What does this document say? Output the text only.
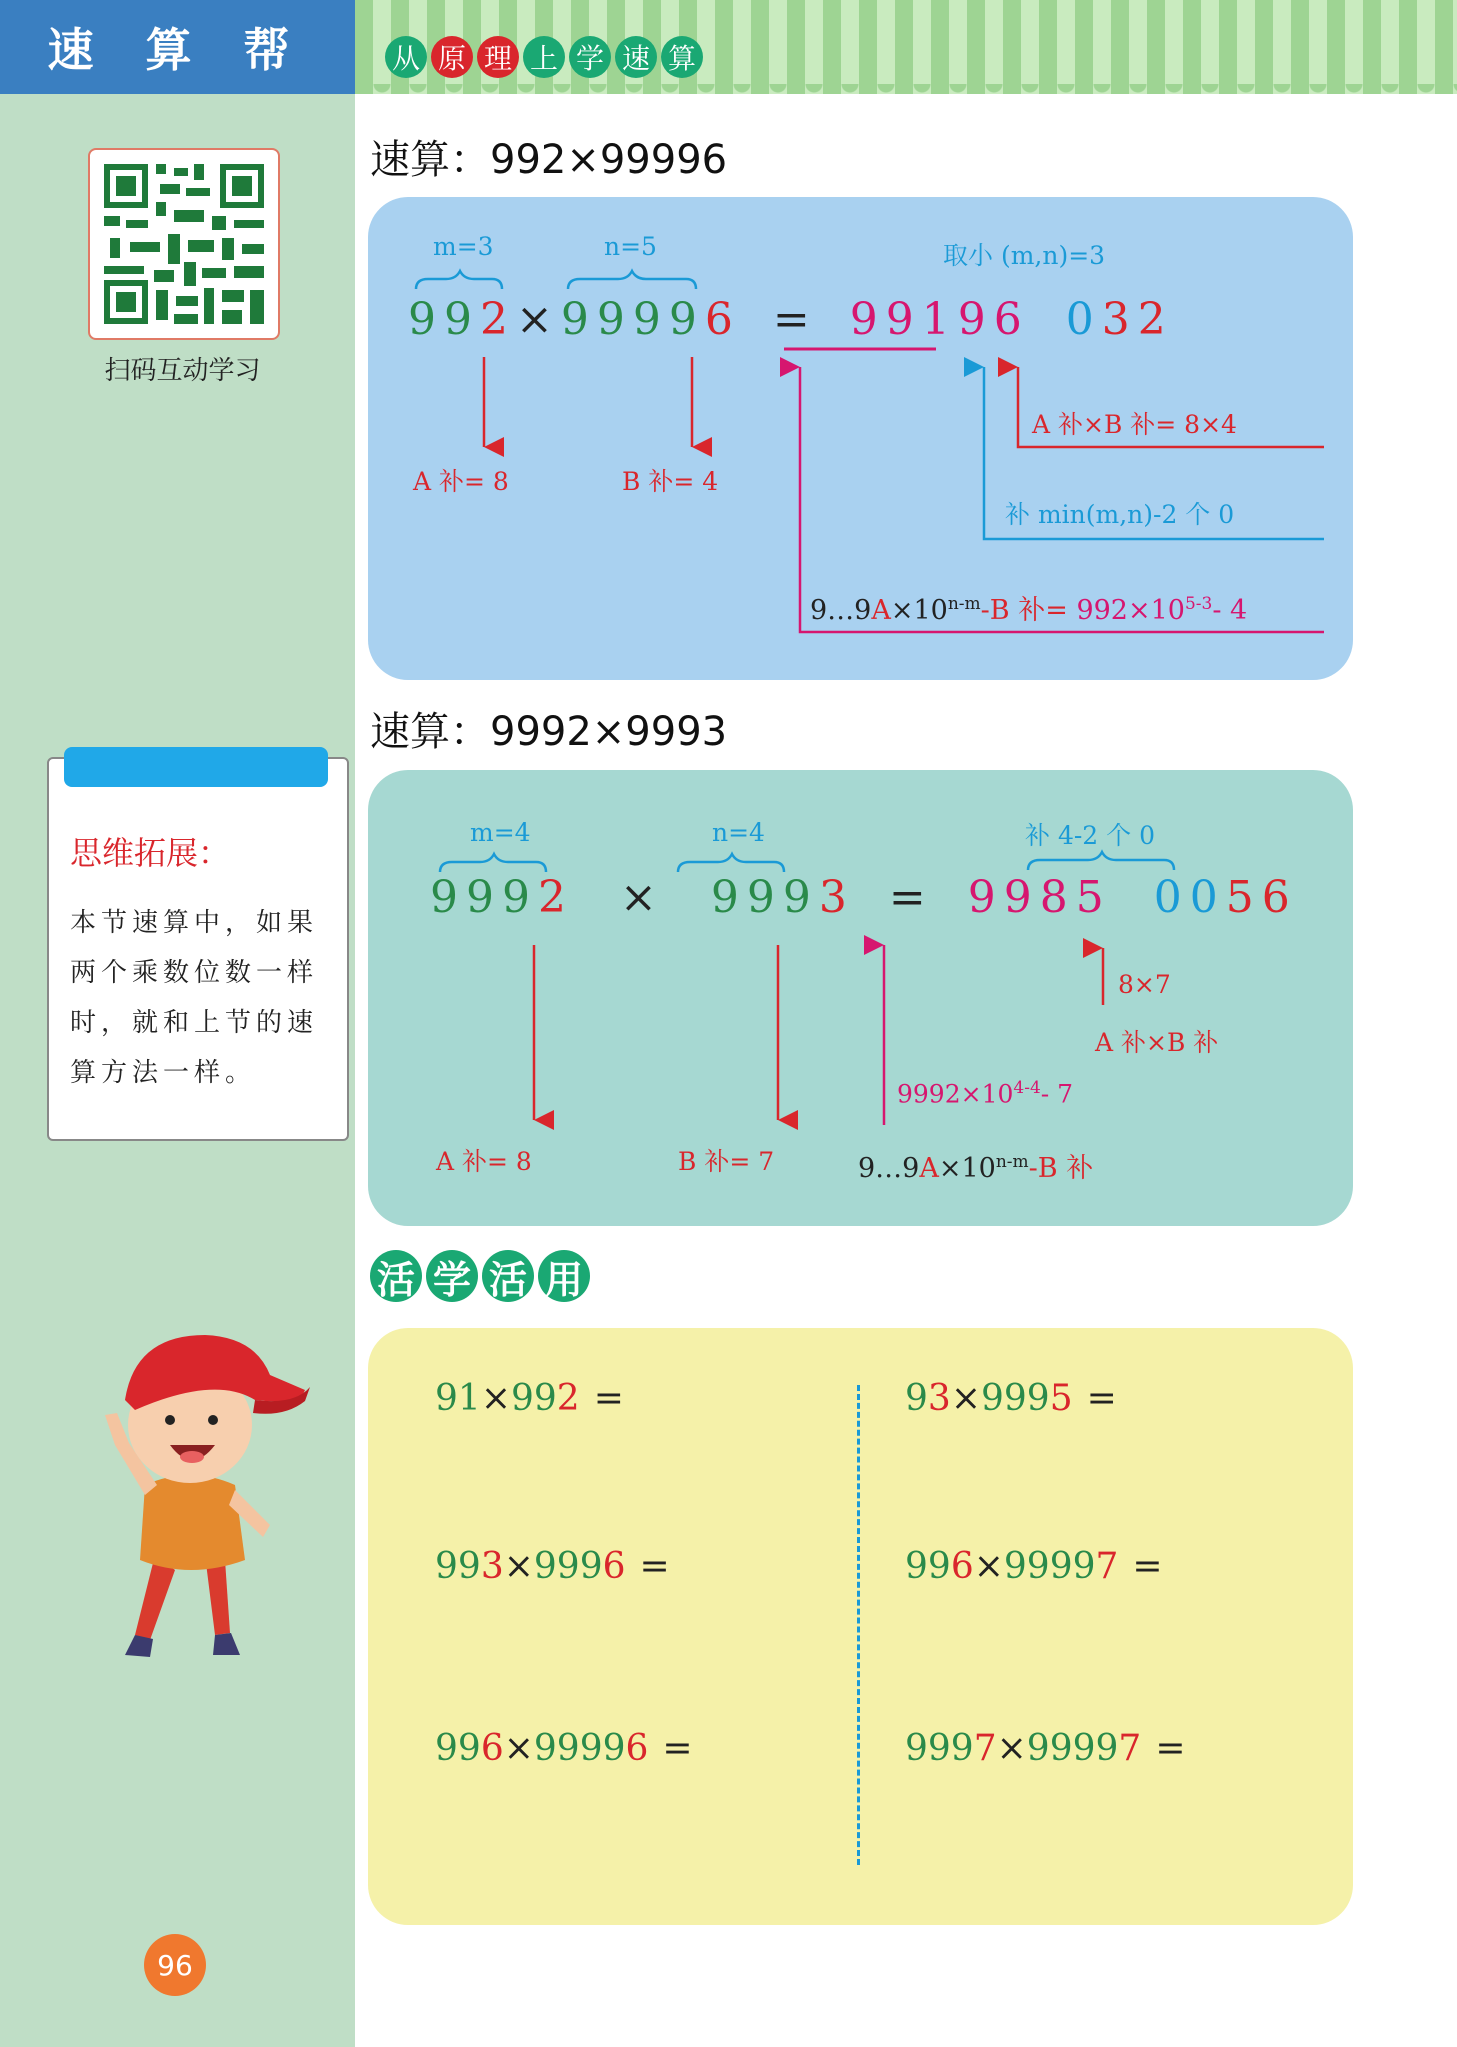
速 算 帮	从 原 理 上 学 速 算
扫码互动学习
思维拓展：
本节速算中，如果两个乘数位数一样时，就和上节的速算方法一样。
96
速算：992×99996
m=3	n=5	取小 (m,n)=3
992×99996 = 99196 032
A 补= 8	B 补= 4
A 补×B 补= 8×4
补 min(m,n)-2 个 0
$9\dots 9A\times 10^{n-m}-B$ 补= $992\times 10^{5-3}-$ 4
速算：9992×9993
m=4	n=4	补 4-2 个 0
9992 × 9993 = 9985 0056
8×7
A 补×B 补
$9992\times 10^{4-4}-$ 7
A 补= 8	B 补= 7	$9\dots 9A\times 10^{n-m}-B$ 补
活 学 活 用
91×992 =
993×9996 =
996×99996 =
93×9995 =
996×99997 =
9997×99997 =
